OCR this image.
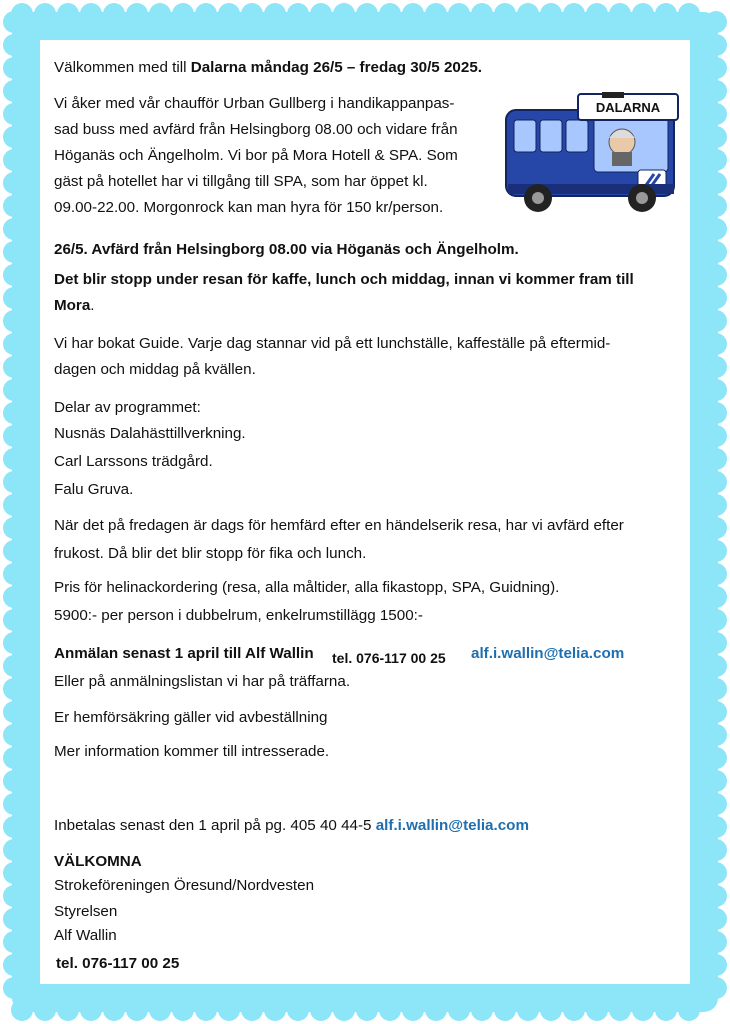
Välkommen med till Dalarna måndag 26/5 – fredag 30/5 2025.
Vi åker med vår chaufför Urban Gullberg i handikappanpas-
sad buss med avfärd från Helsingborg 08.00 och vidare från
Höganäs och Ängelholm. Vi bor på Mora Hotell & SPA. Som
gäst på hotellet har vi tillgång till SPA, som har öppet kl.
09.00-22.00. Morgonrock kan man hyra för 150 kr/person.
DALARNA
26/5. Avfärd från Helsingborg 08.00 via Höganäs och Ängelholm.
Det blir stopp under resan för kaffe, lunch och middag, innan vi kommer fram till
Mora.
Vi har bokat Guide. Varje dag stannar vid på ett lunchställe, kaffeställe på eftermid-
dagen och middag på kvällen.
Delar av programmet:
Nusnäs Dalahästtillverkning.
Carl Larssons trädgård.
Falu Gruva.
När det på fredagen är dags för hemfärd efter en händelserik resa, har vi avfärd efter
frukost. Då blir det blir stopp för fika och lunch.
Pris för helinackordering (resa, alla måltider, alla fikastopp, SPA, Guidning).
5900:- per person i dubbelrum, enkelrumstillägg 1500:-
Anmälan senast 1 april till Alf Wallin tel. 076-117 00 25 alf.i.wallin@telia.com
Eller på anmälningslistan vi har på träffarna.
Er hemförsäkring gäller vid avbeställning
Mer information kommer till intresserade.
Inbetalas senast den 1 april på pg. 405 40 44-5 alf.i.wallin@telia.com
VÄLKOMNA
Strokeföreningen Öresund/Nordvesten
Styrelsen
Alf Wallin
tel. 076-117 00 25
